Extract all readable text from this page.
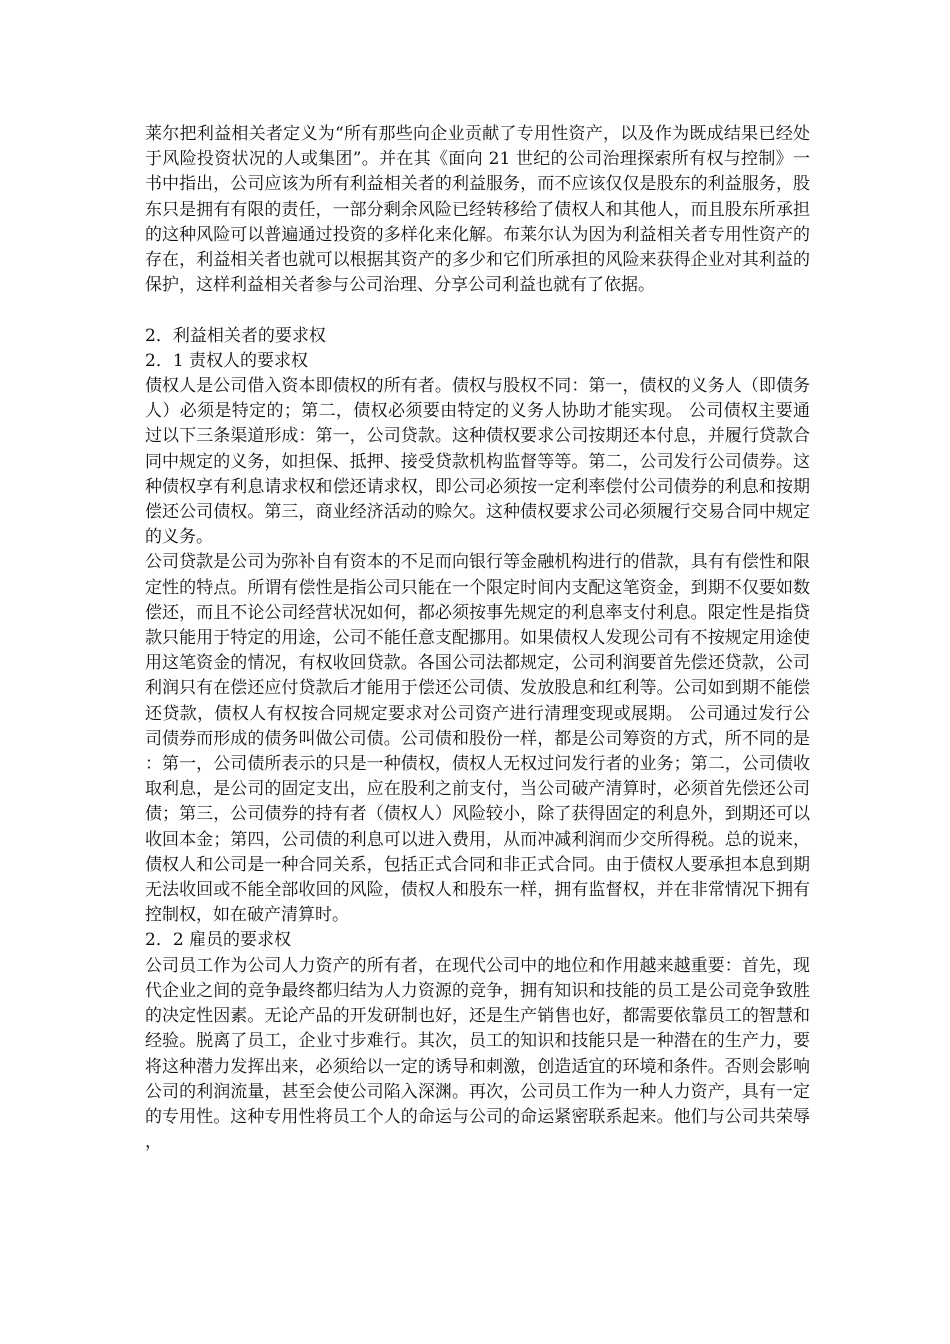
莱尔把利益相关者定义为“所有那些向企业贡献了专用性资产，以及作为既成结果已经处于风险投资状况的人或集团”。并在其《面向 21 世纪的公司治理探索所有权与控制》一书中指出，公司应该为所有利益相关者的利益服务，而不应该仅仅是股东的利益服务，股东只是拥有有限的责任，一部分剩余风险已经转移给了债权人和其他人，而且股东所承担的这种风险可以普遍通过投资的多样化来化解。布莱尔认为因为利益相关者专用性资产的存在，利益相关者也就可以根据其资产的多少和它们所承担的风险来获得企业对其利益的保护，这样利益相关者参与公司治理、分享公司利益也就有了依据。

2．利益相关者的要求权

2．1 责权人的要求权

债权人是公司借入资本即债权的所有者。债权与股权不同：第一，债权的义务人（即债务人）必须是特定的；第二，债权必须要由特定的义务人协助才能实现。 公司债权主要通过以下三条渠道形成：第一，公司贷款。这种债权要求公司按期还本付息，并履行贷款合同中规定的义务，如担保、抵押、接受贷款机构监督等等。第二，公司发行公司债券。这种债权享有利息请求权和偿还请求权，即公司必须按一定利率偿付公司债券的利息和按期偿还公司债权。第三，商业经济活动的赊欠。这种债权要求公司必须履行交易合同中规定的义务。

公司贷款是公司为弥补自有资本的不足而向银行等金融机构进行的借款，具有有偿性和限定性的特点。所谓有偿性是指公司只能在一个限定时间内支配这笔资金，到期不仅要如数偿还，而且不论公司经营状况如何，都必须按事先规定的利息率支付利息。限定性是指贷款只能用于特定的用途，公司不能任意支配挪用。如果债权人发现公司有不按规定用途使用这笔资金的情况，有权收回贷款。各国公司法都规定，公司利润要首先偿还贷款，公司利润只有在偿还应付贷款后才能用于偿还公司债、发放股息和红利等。公司如到期不能偿还贷款，债权人有权按合同规定要求对公司资产进行清理变现或展期。 公司通过发行公司债券而形成的债务叫做公司债。公司债和股份一样，都是公司筹资的方式，所不同的是：第一，公司债所表示的只是一种债权，债权人无权过问发行者的业务；第二，公司债收取利息，是公司的固定支出，应在股利之前支付，当公司破产清算时，必须首先偿还公司债；第三，公司债券的持有者（债权人）风险较小，除了获得固定的利息外，到期还可以收回本金；第四，公司债的利息可以进入费用，从而冲减利润而少交所得税。总的说来，债权人和公司是一种合同关系，包括正式合同和非正式合同。由于债权人要承担本息到期无法收回或不能全部收回的风险，债权人和股东一样，拥有监督权，并在非常情况下拥有控制权，如在破产清算时。

2．2 雇员的要求权

公司员工作为公司人力资产的所有者，在现代公司中的地位和作用越来越重要：首先，现代企业之间的竞争最终都归结为人力资源的竞争，拥有知识和技能的员工是公司竞争致胜的决定性因素。无论产品的开发研制也好，还是生产销售也好，都需要依靠员工的智慧和经验。脱离了员工，企业寸步难行。其次，员工的知识和技能只是一种潜在的生产力，要将这种潜力发挥出来，必须给以一定的诱导和刺激，创造适宜的环境和条件。否则会影响公司的利润流量，甚至会使公司陷入深渊。再次，公司员工作为一种人力资产，具有一定的专用性。这种专用性将员工个人的命运与公司的命运紧密联系起来。他们与公司共荣辱，
